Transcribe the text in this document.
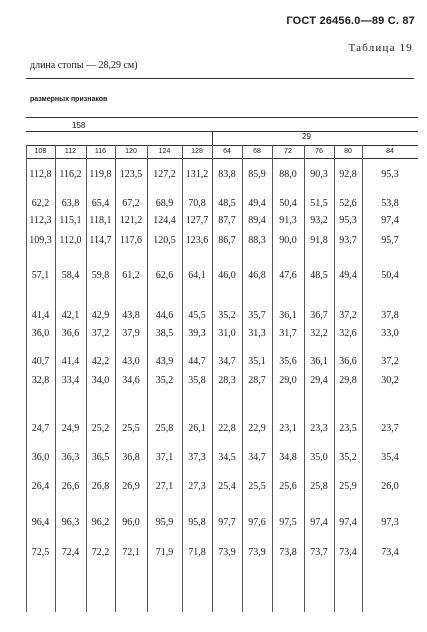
ГОСТ 26456.0—89 С. 87
Таблица 19
длина стопы — 28,29 см)
размерных признаков
158
29
108	112	116	120	124	128	64	68	72	76	80	84
112,8 116,2 119,8 123,5	127,2	131,2	83,8	85,9	88,0	90,3	92,8	95,3
62,2	63,8	65,4	67,2	68,9	70,8	48,5	49,4	50,4	51,5	52,6	53,8
112,3 115,1 118,1 121,2	124,4	127,7	87,7	89,4	91,3	93,2	95,3	97,4
109,3 112,0 114,7 117,6	120,5	123,6	86,7	88,3	90,0	91,8	93,7	95,7
57,1	58,4	59,8	61,2	62,6	64,1	46,0	46,8	47,6	48,5	49,4	50,4
41,4	42,1	42,9	43,8	44,6	45,5	35,2	35,7	36,1	36,7	37,2	37,8
36,0	36,6	37,2	37,9	38,5	39,3	31,0	31,3	31,7	32,2	32,6	33,0
40,7	41,4	42,2	43,0	43,9	44,7	34,7	35,1	35,6	36,1	36,6	37,2
32,8	33,4	34,0	34,6	35,2	35,8	28,3	28,7	29,0	29,4	29,8	30,2
24,7	24,9	25,2	25,5	25,8	26,1	22,8	22,9	23,1	23,3	23,5	23,7
36,0	36,3	36,5	36,8	37,1	37,3	34,5	34,7	34,8	35,0	35,2	35,4
26,4	26,6	26,8	26,9	27,1	27,3	25,4	25,5	25,6	25,8	25,9	26,0
96,4	96,3	96,2	96,0	95,9	95,8	97,7	97,6	97,5	97,4	97,4	97,3
72,5	72,4	72,2	72,1	71,9	71,8	73,9	73,9	73,8	73,7	73,4	73,4
